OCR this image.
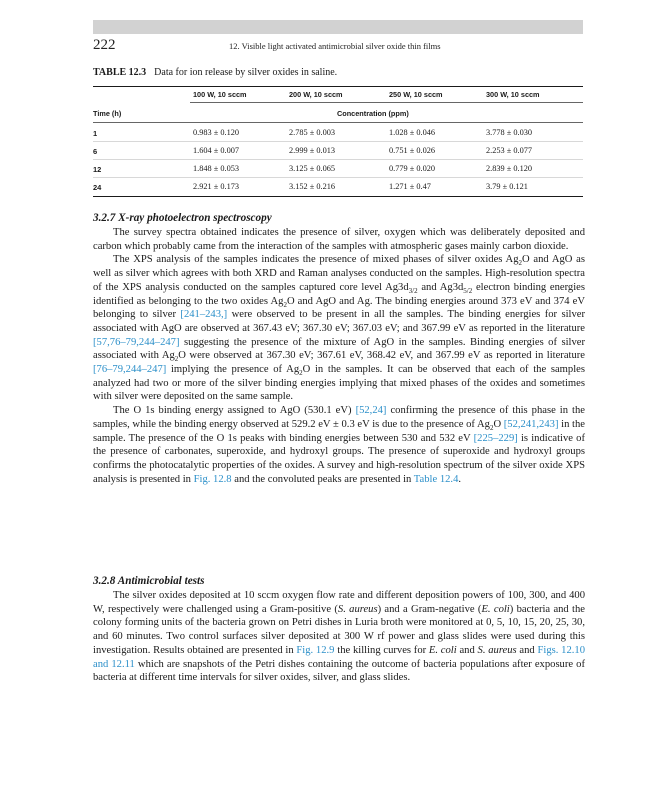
222	12. Visible light activated antimicrobial silver oxide thin films
TABLE 12.3 Data for ion release by silver oxides in saline.
100 W, 10 sccm	200 W, 10 sccm	250 W, 10 sccm	300 W, 10 sccm
Time (h)	Concentration (ppm)
1	0.983 ± 0.120	2.785 ± 0.003	1.028 ± 0.046	3.778 ± 0.030
6	1.604 ± 0.007	2.999 ± 0.013	0.751 ± 0.026	2.253 ± 0.077
12	1.848 ± 0.053	3.125 ± 0.065	0.779 ± 0.020	2.839 ± 0.120
24	2.921 ± 0.173	3.152 ± 0.216	1.271 ± 0.47	3.79 ± 0.121
3.2.7 X-ray photoelectron spectroscopy

The survey spectra obtained indicates the presence of silver, oxygen which was deliberately deposited and carbon which probably came from the interaction of the samples with atmospheric gases mainly carbon dioxide.

The XPS analysis of the samples indicates the presence of mixed phases of silver oxides $Ag_2O$ and AgO as well as silver which agrees with both XRD and Raman analyses conducted on the samples. High-resolution spectra of the XPS analysis conducted on the samples captured core level $Ag3d_{3/2}$ and $Ag3d_{5/2}$ electron binding energies identified as belonging to the two oxides $Ag_2O$ and AgO and Ag. The binding energies around 373 eV and 374 eV belonging to silver [241–243,] were observed to be present in all the samples. The binding energies for silver associated with AgO are observed at 367.43 eV; 367.30 eV; 367.03 eV; and 367.99 eV as reported in the literature [57,76–79,244–247] suggesting the presence of the mixture of AgO in the samples. Binding energies of silver associated with $Ag_2O$ were observed at 367.30 eV; 367.61 eV, 368.42 eV, and 367.99 eV as reported in literature [76–79,244–247] implying the presence of $Ag_2O$ in the samples. It can be observed that each of the samples analyzed had two or more of the silver binding energies implying that mixed phases of the oxides and sometimes with silver were deposited on the same sample.

The O 1s binding energy assigned to AgO (530.1 eV) [52,24] confirming the presence of this phase in the samples, while the binding energy observed at 529.2 eV ± 0.3 eV is due to the presence of $Ag_2O$ [52,241,243] in the sample. The presence of the O 1s peaks with binding energies between 530 and 532 eV [225–229] is indicative of the presence of carbonates, superoxide, and hydroxyl groups. The presence of superoxide and hydroxyl groups confirms the photocatalytic properties of the oxides. A survey and high-resolution spectrum of the silver oxide XPS analysis is presented in Fig. 12.8 and the convoluted peaks are presented in Table 12.4.

3.2.8 Antimicrobial tests

The silver oxides deposited at 10 sccm oxygen flow rate and different deposition powers of 100, 300, and 400 W, respectively were challenged using a Gram-positive (S. aureus) and a Gram-negative (E. coli) bacteria and the colony forming units of the bacteria grown on Petri dishes in Luria broth were monitored at 0, 5, 10, 15, 20, 25, 30, and 60 minutes. Two control surfaces silver deposited at 300 W rf power and glass slides were used during this investigation. Results obtained are presented in Fig. 12.9 the killing curves for E. coli and S. aureus and Figs. 12.10 and 12.11 which are snapshots of the Petri dishes containing the outcome of bacteria populations after exposure of bacteria at different time intervals for silver oxides, silver, and glass slides.
